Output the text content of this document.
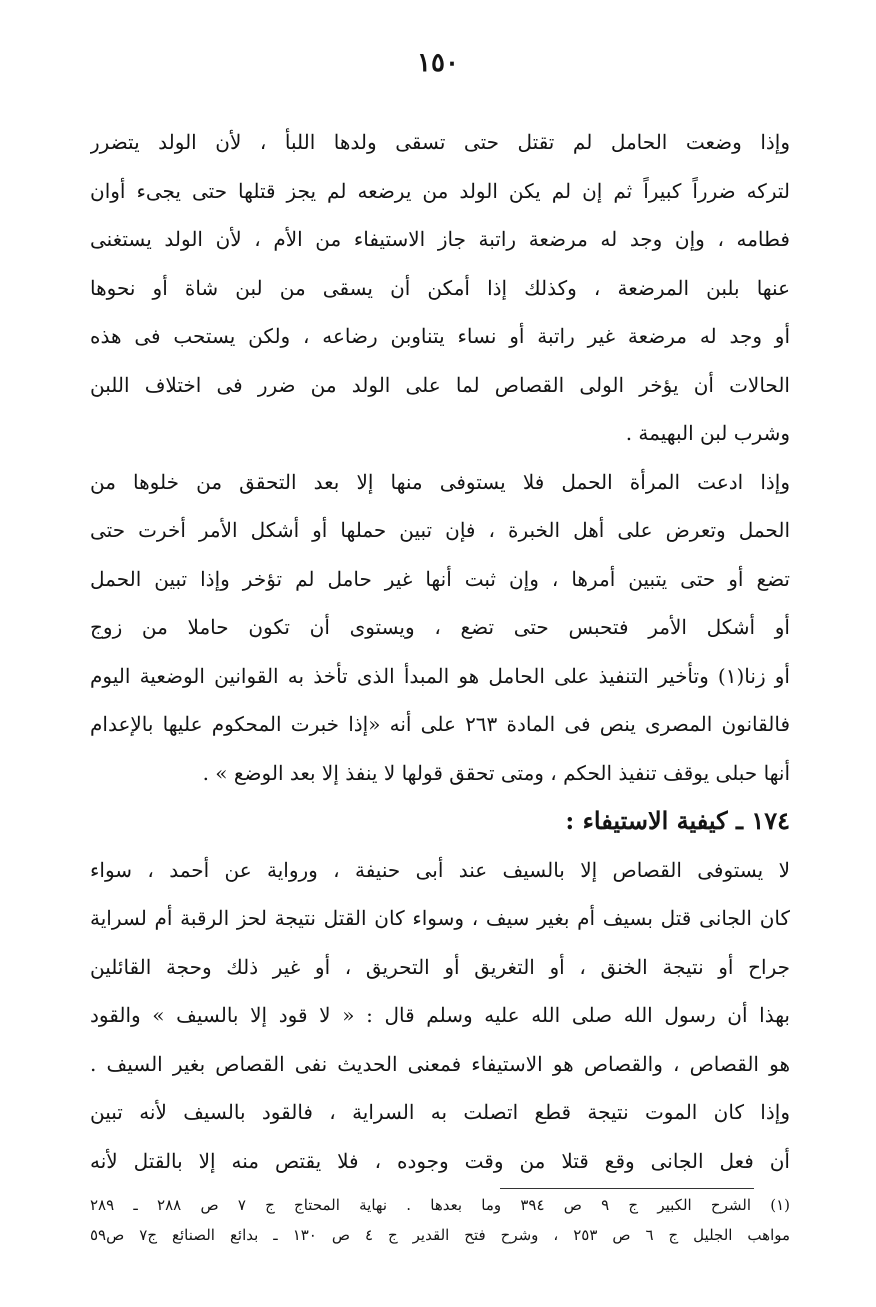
١٥٠
وإذا وضعت الحامل لم تقتل حتى تسقى ولدها اللبأ ، لأن الولد يتضرر
لتركه ضرراً كبيراً ثم إن لم يكن الولد من يرضعه لم يجز قتلها حتى يجىء أوان
فطامه ، وإن وجد له مرضعة راتبة جاز الاستيفاء من الأم ، لأن الولد يستغنى
عنها بلبن المرضعة ، وكذلك إذا أمكن أن يسقى من لبن شاة أو نحوها
أو وجد له مرضعة غير راتبة أو نساء يتناوبن رضاعه ، ولكن يستحب فى هذه
الحالات أن يؤخر الولى القصاص لما على الولد من ضرر فى اختلاف اللبن
وشرب لبن البهيمة .
وإذا ادعت المرأة الحمل فلا يستوفى منها إلا بعد التحقق من خلوها من
الحمل وتعرض على أهل الخبرة ، فإن تبين حملها أو أشكل الأمر أخرت حتى
تضع أو حتى يتبين أمرها ، وإن ثبت أنها غير حامل لم تؤخر وإذا تبين الحمل
أو أشكل الأمر فتحبس حتى تضع ، ويستوى أن تكون حاملا من زوج
أو زنا(١) وتأخير التنفيذ على الحامل هو المبدأ الذى تأخذ به القوانين الوضعية اليوم
فالقانون المصرى ينص فى المادة ٢٦٣ على أنه «إذا خبرت المحكوم عليها بالإعدام
أنها حبلى يوقف تنفيذ الحكم ، ومتى تحقق قولها لا ينفذ إلا بعد الوضع » .
١٧٤ ـ كيفية الاستيفاء :
لا يستوفى القصاص إلا بالسيف عند أبى حنيفة ، ورواية عن أحمد ، سواء
كان الجانى قتل بسيف أم بغير سيف ، وسواء كان القتل نتيجة لحز الرقبة أم لسراية
جراح أو نتيجة الخنق ، أو التغريق أو التحريق ، أو غير ذلك وحجة القائلين
بهذا أن رسول الله صلى الله عليه وسلم قال : « لا قود إلا بالسيف » والقود
هو القصاص ، والقصاص هو الاستيفاء فمعنى الحديث نفى القصاص بغير السيف .
وإذا كان الموت نتيجة قطع اتصلت به السراية ، فالقود بالسيف لأنه تبين
أن فعل الجانى وقع قتلا من وقت وجوده ، فلا يقتص منه إلا بالقتل لأنه
(١) الشرح الكبير ج ٩ ص ٣٩٤ وما بعدها . نهاية المحتاج ج ٧ ص ٢٨٨ ـ ٢٨٩
مواهب الجليل ج ٦ ص ٢٥٣ ، وشرح فتح القدير ج ٤ ص ١٣٠ ـ بدائع الصنائع ج٧ ص٥٩
